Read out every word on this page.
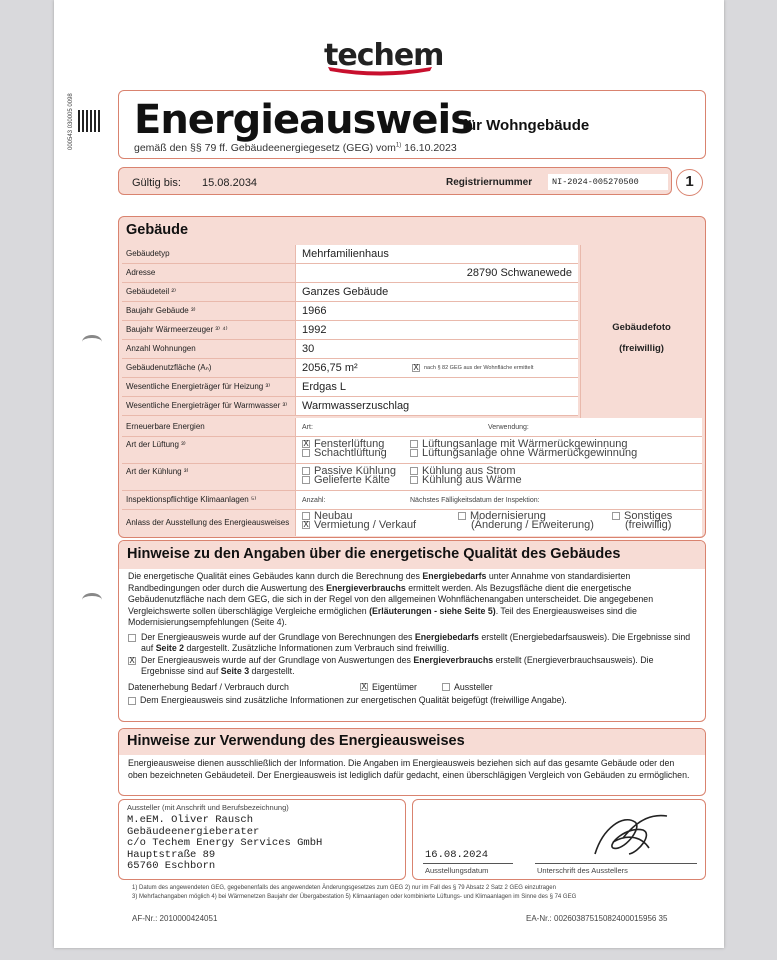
techem
000543 030005 0098 Energieausweis
für Wohngebäude
gemäß den §§ 79 ff. Gebäudeenergiegesetz (GEG) vom$^{1)}$ 16.10.2023
Gültig bis: 15.08.2034	Registriernummer	NI-2024-005270500	1
Gebäude
Gebäudetyp	Mehrfamilienhaus
Adresse	28790 Schwanewede
Gebäudeteil ²⁾	Ganzes Gebäude
Baujahr Gebäude ³⁾	1966
Baujahr Wärmeerzeuger ³⁾ ⁴⁾	1992
Anzahl Wohnungen	30
Gebäudenutzfläche (Aₙ)	2056,75 m²	X nach § 82 GEG aus der Wohnfläche ermittelt
Wesentliche Energieträger für Heizung ³⁾	Erdgas L
Wesentliche Energieträger für Warmwasser ³⁾	Warmwasserzuschlag
Gebäudefoto
(freiwillig)
Erneuerbare Energien	Art:	Verwendung:
Art der Lüftung ³⁾	X Fensterlüftung
Schachtlüftung
Lüftungsanlage mit Wärmerückgewinnung
Lüftungsanlage ohne Wärmerückgewinnung
Art der Kühlung ³⁾	Passive Kühlung
Gelieferte Kälte
Kühlung aus Strom
Kühlung aus Wärme
Inspektionspflichtige Klimaanlagen ⁵⁾	Anzahl:	Nächstes Fälligkeitsdatum der Inspektion:
Anlass der Ausstellung des Energieausweises
Neubau
X Vermietung / Verkauf
Modernisierung
(Änderung / Erweiterung)
Sonstiges
(freiwillig)
Hinweise zu den Angaben über die energetische Qualität des Gebäudes

Die energetische Qualität eines Gebäudes kann durch die Berechnung des Energiebedarfs unter Annahme von standardisierten Randbedingungen oder durch die Auswertung des Energieverbrauchs ermittelt werden. Als Bezugsfläche dient die energetische Gebäudenutzfläche nach dem GEG, die sich in der Regel von den allgemeinen Wohnflächenangaben unterscheidet. Die angegebenen Vergleichswerte sollen überschlägige Vergleiche ermöglichen (Erläuterungen - siehe Seite 5). Teil des Energieausweises sind die Modernisierungsempfehlungen (Seite 4).

Der Energieausweis wurde auf der Grundlage von Berechnungen des Energiebedarfs erstellt (Energiebedarfsausweis). Die Ergebnisse sind auf Seite 2 dargestellt. Zusätzliche Informationen zum Verbrauch sind freiwillig.

X Der Energieausweis wurde auf der Grundlage von Auswertungen des Energieverbrauchs erstellt (Energieverbrauchsausweis). Die Ergebnisse sind auf Seite 3 dargestellt.

Datenerhebung Bedarf / Verbrauch durch	X Eigentümer	Aussteller

Dem Energieausweis sind zusätzliche Informationen zur energetischen Qualität beigefügt (freiwillige Angabe).

Hinweise zur Verwendung des Energieausweises

Energieausweise dienen ausschließlich der Information. Die Angaben im Energieausweis beziehen sich auf das gesamte Gebäude oder den oben bezeichneten Gebäudeteil. Der Energieausweis ist lediglich dafür gedacht, einen überschlägigen Vergleich von Gebäuden zu ermöglichen.

Aussteller (mit Anschrift und Berufsbezeichnung)
M.eEM. Oliver Rausch
Gebäudeenergieberater
c/o Techem Energy Services GmbH
Hauptstraße 89
65760 Eschborn
16.08.2024
Ausstellungsdatum	Unterschrift des Ausstellers
1) Datum des angewendeten GEG, gegebenenfalls des angewendeten Änderungsgesetzes zum GEG 2) nur im Fall des § 79 Absatz 2 Satz 2 GEG einzutragen
3) Mehrfachangaben möglich 4) bei Wärmenetzen Baujahr der Übergabestation 5) Klimaanlagen oder kombinierte Lüftungs- und Klimaanlagen im Sinne des § 74 GEG
AF-Nr.: 2010000424051	EA-Nr.: 00260387515082400015956 35
